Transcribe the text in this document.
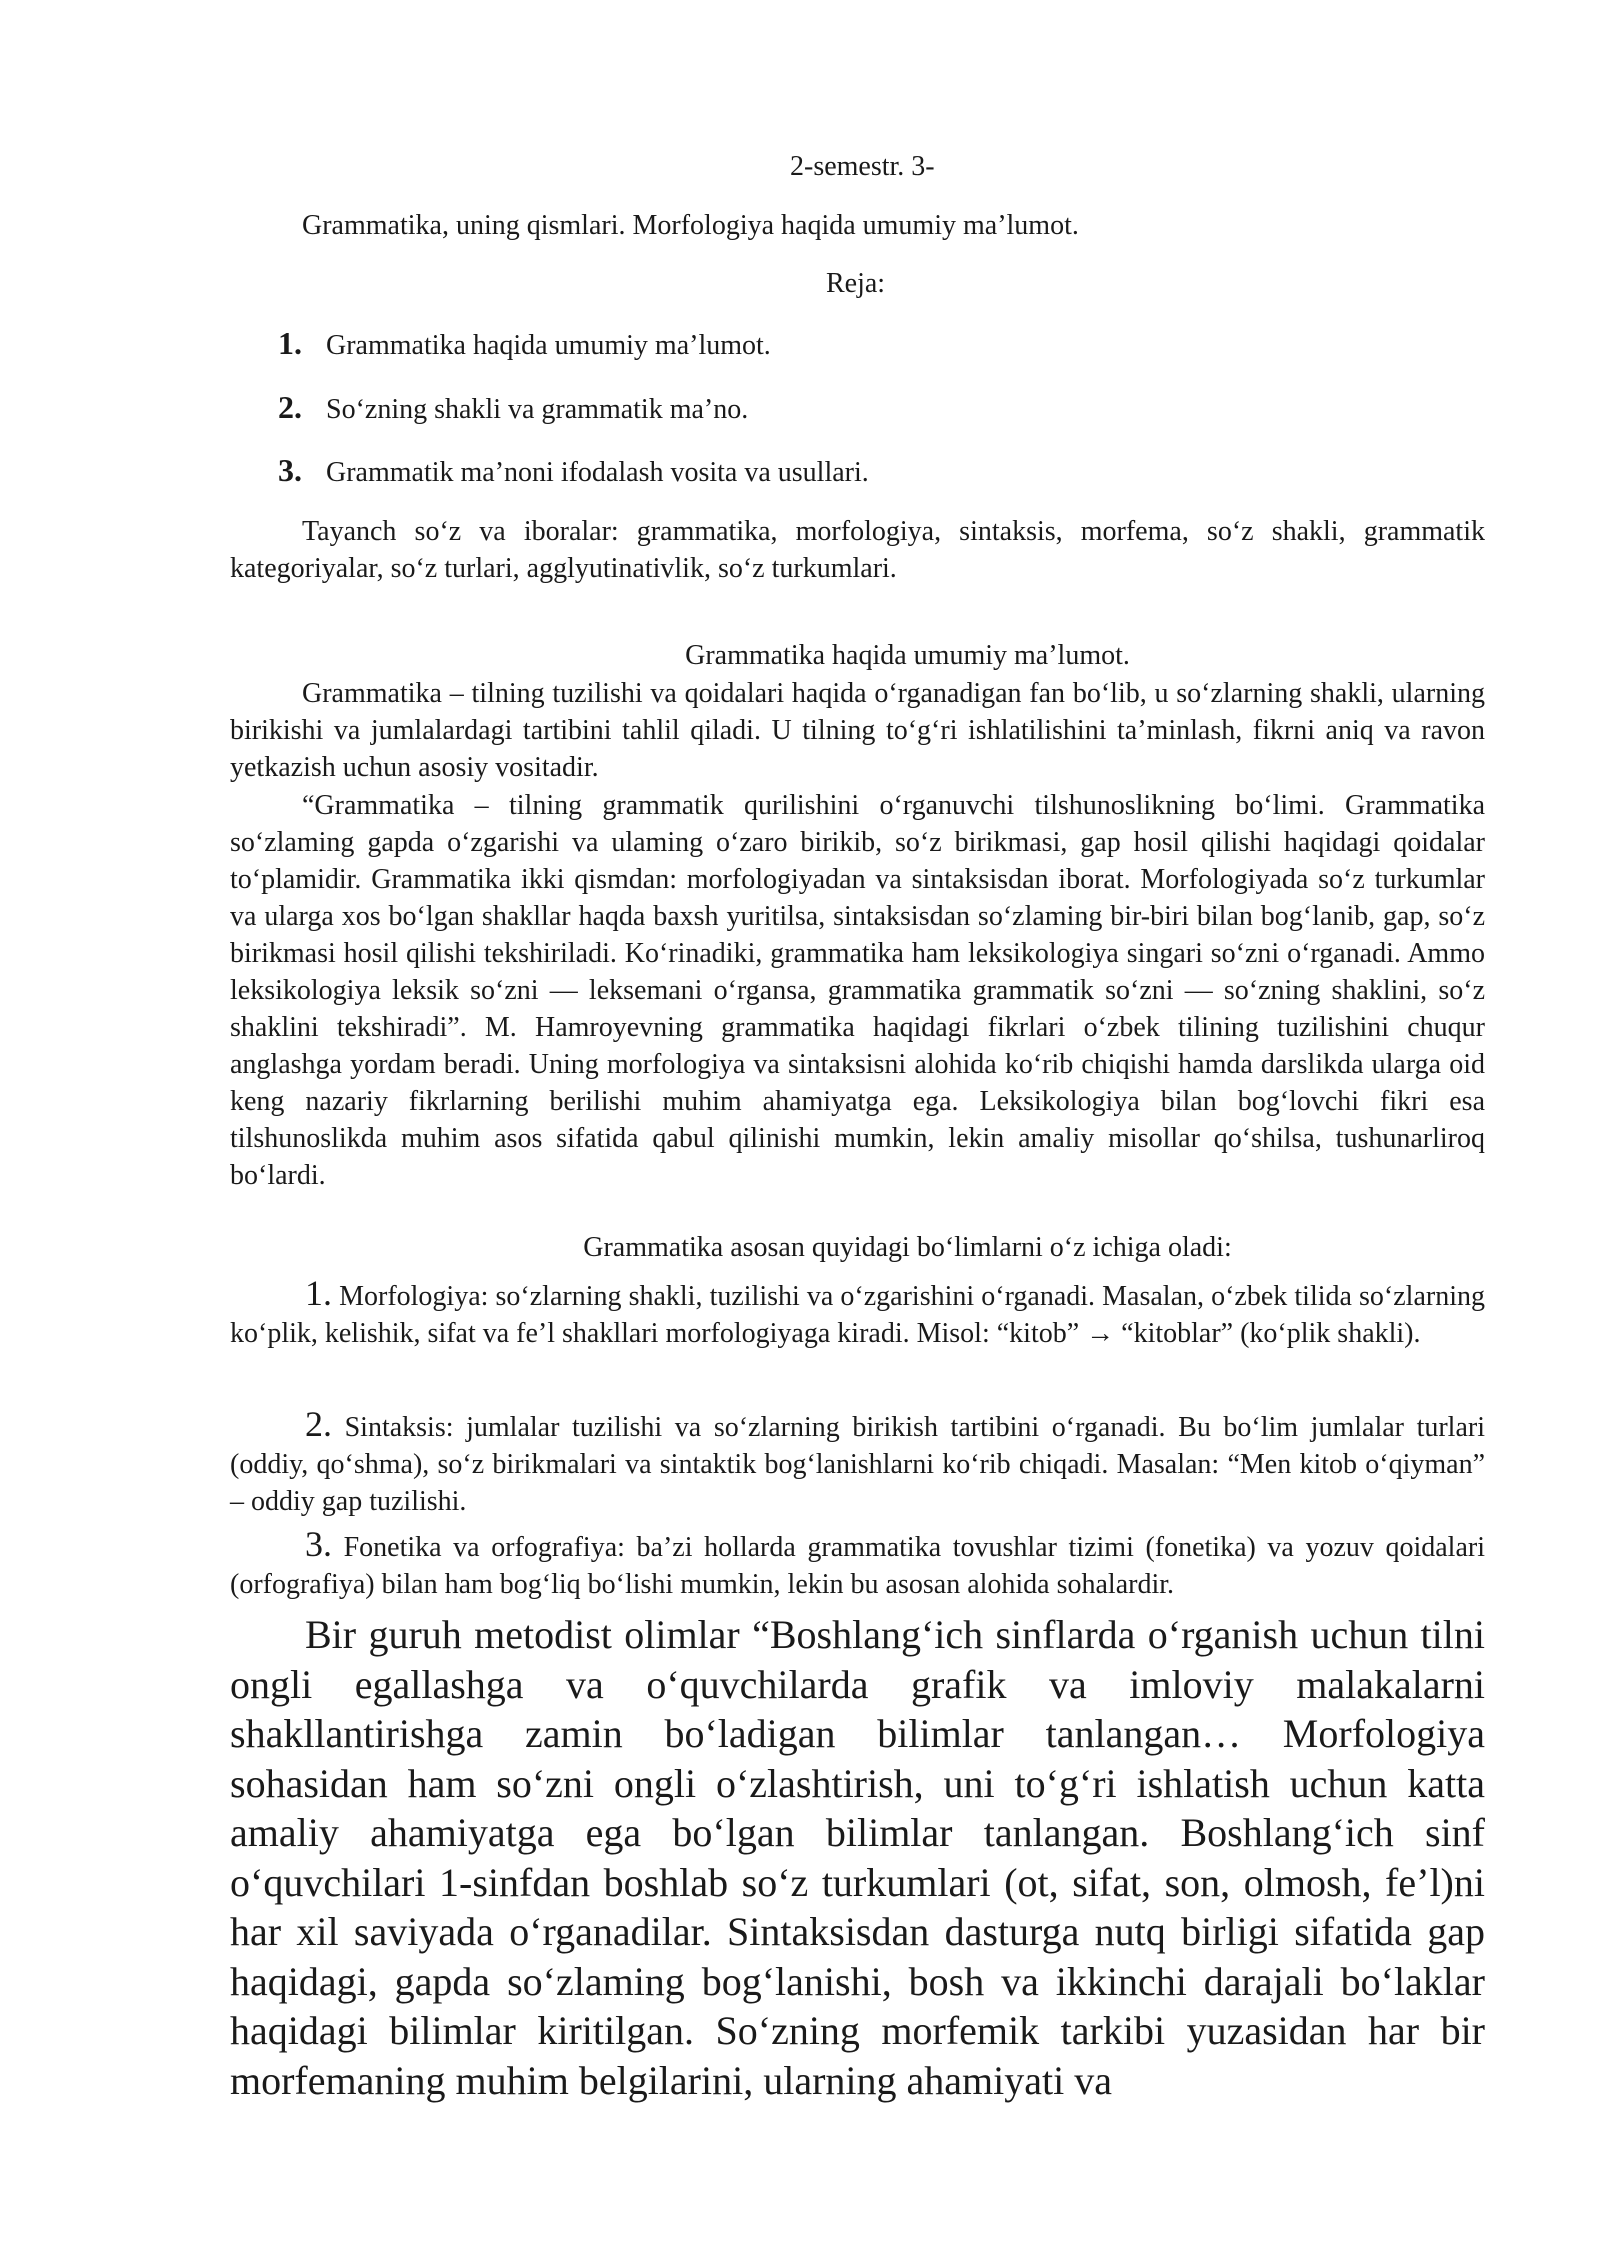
2-semestr. 3-
Grammatika, uning qismlari. Morfologiya haqida umumiy ma’lumot.
Reja:
1. Grammatika haqida umumiy ma’lumot.
2. So‘zning shakli va grammatik ma’no.
3. Grammatik ma’noni ifodalash vosita va usullari.

Tayanch so‘z va iboralar: grammatika, morfologiya, sintaksis, morfema, so‘z shakli, grammatik kategoriyalar, so‘z turlari, agglyutinativlik, so‘z turkumlari.

Grammatika haqida umumiy ma’lumot.

Grammatika – tilning tuzilishi va qoidalari haqida o‘rganadigan fan bo‘lib, u so‘zlarning shakli, ularning birikishi va jumlalardagi tartibini tahlil qiladi. U tilning to‘g‘ri ishlatilishini ta’minlash, fikrni aniq va ravon yetkazish uchun asosiy vositadir.

“Grammatika – tilning grammatik qurilishini o‘rganuvchi tilshunoslikning bo‘limi. Grammatika so‘zlaming gapda o‘zgarishi va ulaming o‘zaro birikib, so‘z birikmasi, gap hosil qilishi haqidagi qoidalar to‘plamidir. Grammatika ikki qismdan: morfologiyadan va sintaksisdan iborat. Morfologiyada so‘z turkumlar va ularga xos bo‘lgan shakllar haqda baxsh yuritilsa, sintaksisdan so‘zlaming bir-biri bilan bog‘lanib, gap, so‘z birikmasi hosil qilishi tekshiriladi. Ko‘rinadiki, grammatika ham leksikologiya singari so‘zni o‘rganadi. Ammo leksikologiya leksik so‘zni — leksemani o‘rgansa, grammatika grammatik so‘zni — so‘zning shaklini, so‘z shaklini tekshiradi”. M. Hamroyevning grammatika haqidagi fikrlari o‘zbek tilining tuzilishini chuqur anglashga yordam beradi. Uning morfologiya va sintaksisni alohida ko‘rib chiqishi hamda darslikda ularga oid keng nazariy fikrlarning berilishi muhim ahamiyatga ega. Leksikologiya bilan bog‘lovchi fikri esa tilshunoslikda muhim asos sifatida qabul qilinishi mumkin, lekin amaliy misollar qo‘shilsa, tushunarliroq bo‘lardi.

Grammatika asosan quyidagi bo‘limlarni o‘z ichiga oladi:

1. Morfologiya: so‘zlarning shakli, tuzilishi va o‘zgarishini o‘rganadi. Masalan, o‘zbek tilida so‘zlarning ko‘plik, kelishik, sifat va fe’l shakllari morfologiyaga kiradi. Misol: “kitob” → “kitoblar” (ko‘plik shakli).

2. Sintaksis: jumlalar tuzilishi va so‘zlarning birikish tartibini o‘rganadi. Bu bo‘lim jumlalar turlari (oddiy, qo‘shma), so‘z birikmalari va sintaktik bog‘lanishlarni ko‘rib chiqadi. Masalan: “Men kitob o‘qiyman” – oddiy gap tuzilishi.

3. Fonetika va orfografiya: ba’zi hollarda grammatika tovushlar tizimi (fonetika) va yozuv qoidalari (orfografiya) bilan ham bog‘liq bo‘lishi mumkin, lekin bu asosan alohida sohalardir.

Bir guruh metodist olimlar “Boshlang‘ich sinflarda o‘rganish uchun tilni ongli egallashga va o‘quvchilarda grafik va imloviy malakalarni shakllantirishga zamin bo‘ladigan bilimlar tanlangan… Morfologiya sohasidan ham so‘zni ongli o‘zlashtirish, uni to‘g‘ri ishlatish uchun katta amaliy ahamiyatga ega bo‘lgan bilimlar tanlangan. Boshlang‘ich sinf o‘quvchilari 1-sinfdan boshlab so‘z turkumlari (ot, sifat, son, olmosh, fe’l)ni har xil saviyada o‘rganadilar. Sintaksisdan dasturga nutq birligi sifatida gap haqidagi, gapda so‘zlaming bog‘lanishi, bosh va ikkinchi darajali bo‘laklar haqidagi bilimlar kiritilgan. So‘zning morfemik tarkibi yuzasidan har bir morfemaning muhim belgilarini, ularning ahamiyati va
